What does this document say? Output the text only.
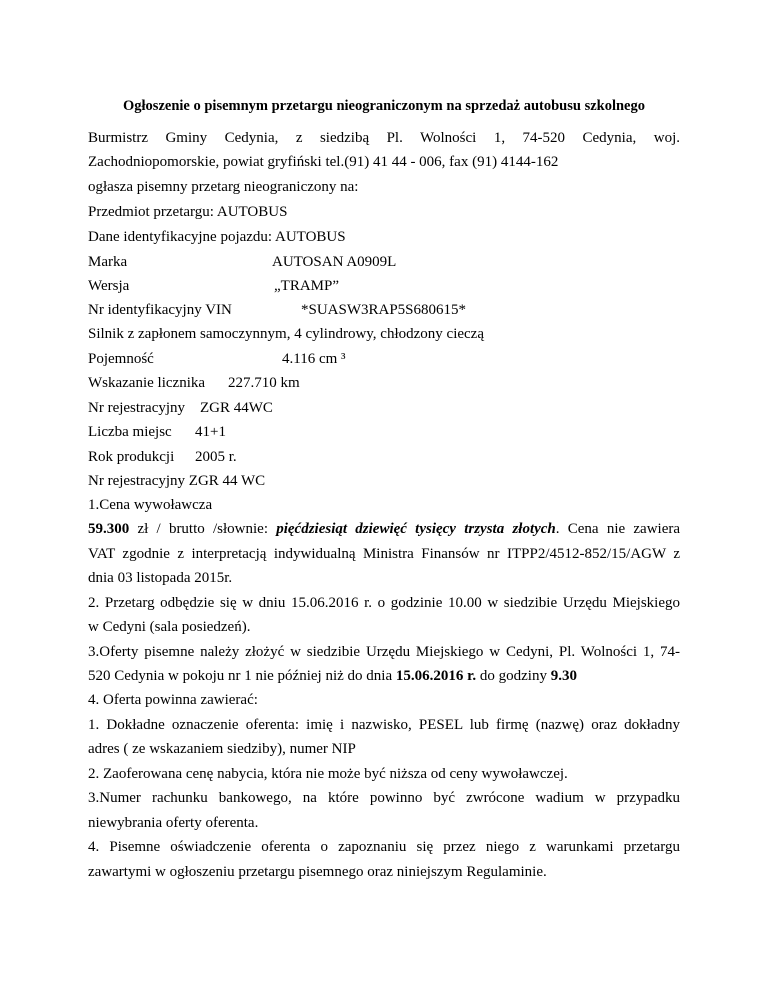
Ogłoszenie o pisemnym przetargu nieograniczonym na sprzedaż autobusu szkolnego
Burmistrz Gminy Cedynia, z siedzibą Pl. Wolności 1, 74-520 Cedynia, woj.
Zachodniopomorskie, powiat gryfiński tel.(91) 41 44 - 006, fax (91) 4144-162
ogłasza pisemny przetarg nieograniczony na:
Przedmiot przetargu: AUTOBUS
Dane identyfikacyjne pojazdu: AUTOBUS
Marka	AUTOSAN A0909L
Wersja	„TRAMP”
Nr identyfikacyjny VIN	*SUASW3RAP5S680615*
Silnik z zapłonem samoczynnym, 4 cylindrowy, chłodzony cieczą
Pojemność	4.116 cm ³
Wskazanie licznika 227.710 km
Nr rejestracyjny ZGR 44WC
Liczba miejsc 41+1
Rok produkcji 2005 r.
Nr rejestracyjny ZGR 44 WC
1.Cena wywoławcza
59.300 zł / brutto /słownie: pięćdziesiąt dziewięć tysięcy trzysta złotych. Cena nie zawiera
VAT zgodnie z interpretacją indywidualną Ministra Finansów nr ITPP2/4512-852/15/AGW z
dnia 03 listopada 2015r.
2. Przetarg odbędzie się w dniu 15.06.2016 r. o godzinie 10.00 w siedzibie Urzędu Miejskiego
w Cedyni (sala posiedzeń).
3.Oferty pisemne należy złożyć w siedzibie Urzędu Miejskiego w Cedyni, Pl. Wolności 1, 74-
520 Cedynia w pokoju nr 1 nie później niż do dnia 15.06.2016 r. do godziny 9.30
4. Oferta powinna zawierać:
1. Dokładne oznaczenie oferenta: imię i nazwisko, PESEL lub firmę (nazwę) oraz dokładny
adres ( ze wskazaniem siedziby), numer NIP
2. Zaoferowana cenę nabycia, która nie może być niższa od ceny wywoławczej.
3.Numer rachunku bankowego, na które powinno być zwrócone wadium w przypadku
niewybrania oferty oferenta.
4. Pisemne oświadczenie oferenta o zapoznaniu się przez niego z warunkami przetargu
zawartymi w ogłoszeniu przetargu pisemnego oraz niniejszym Regulaminie.
